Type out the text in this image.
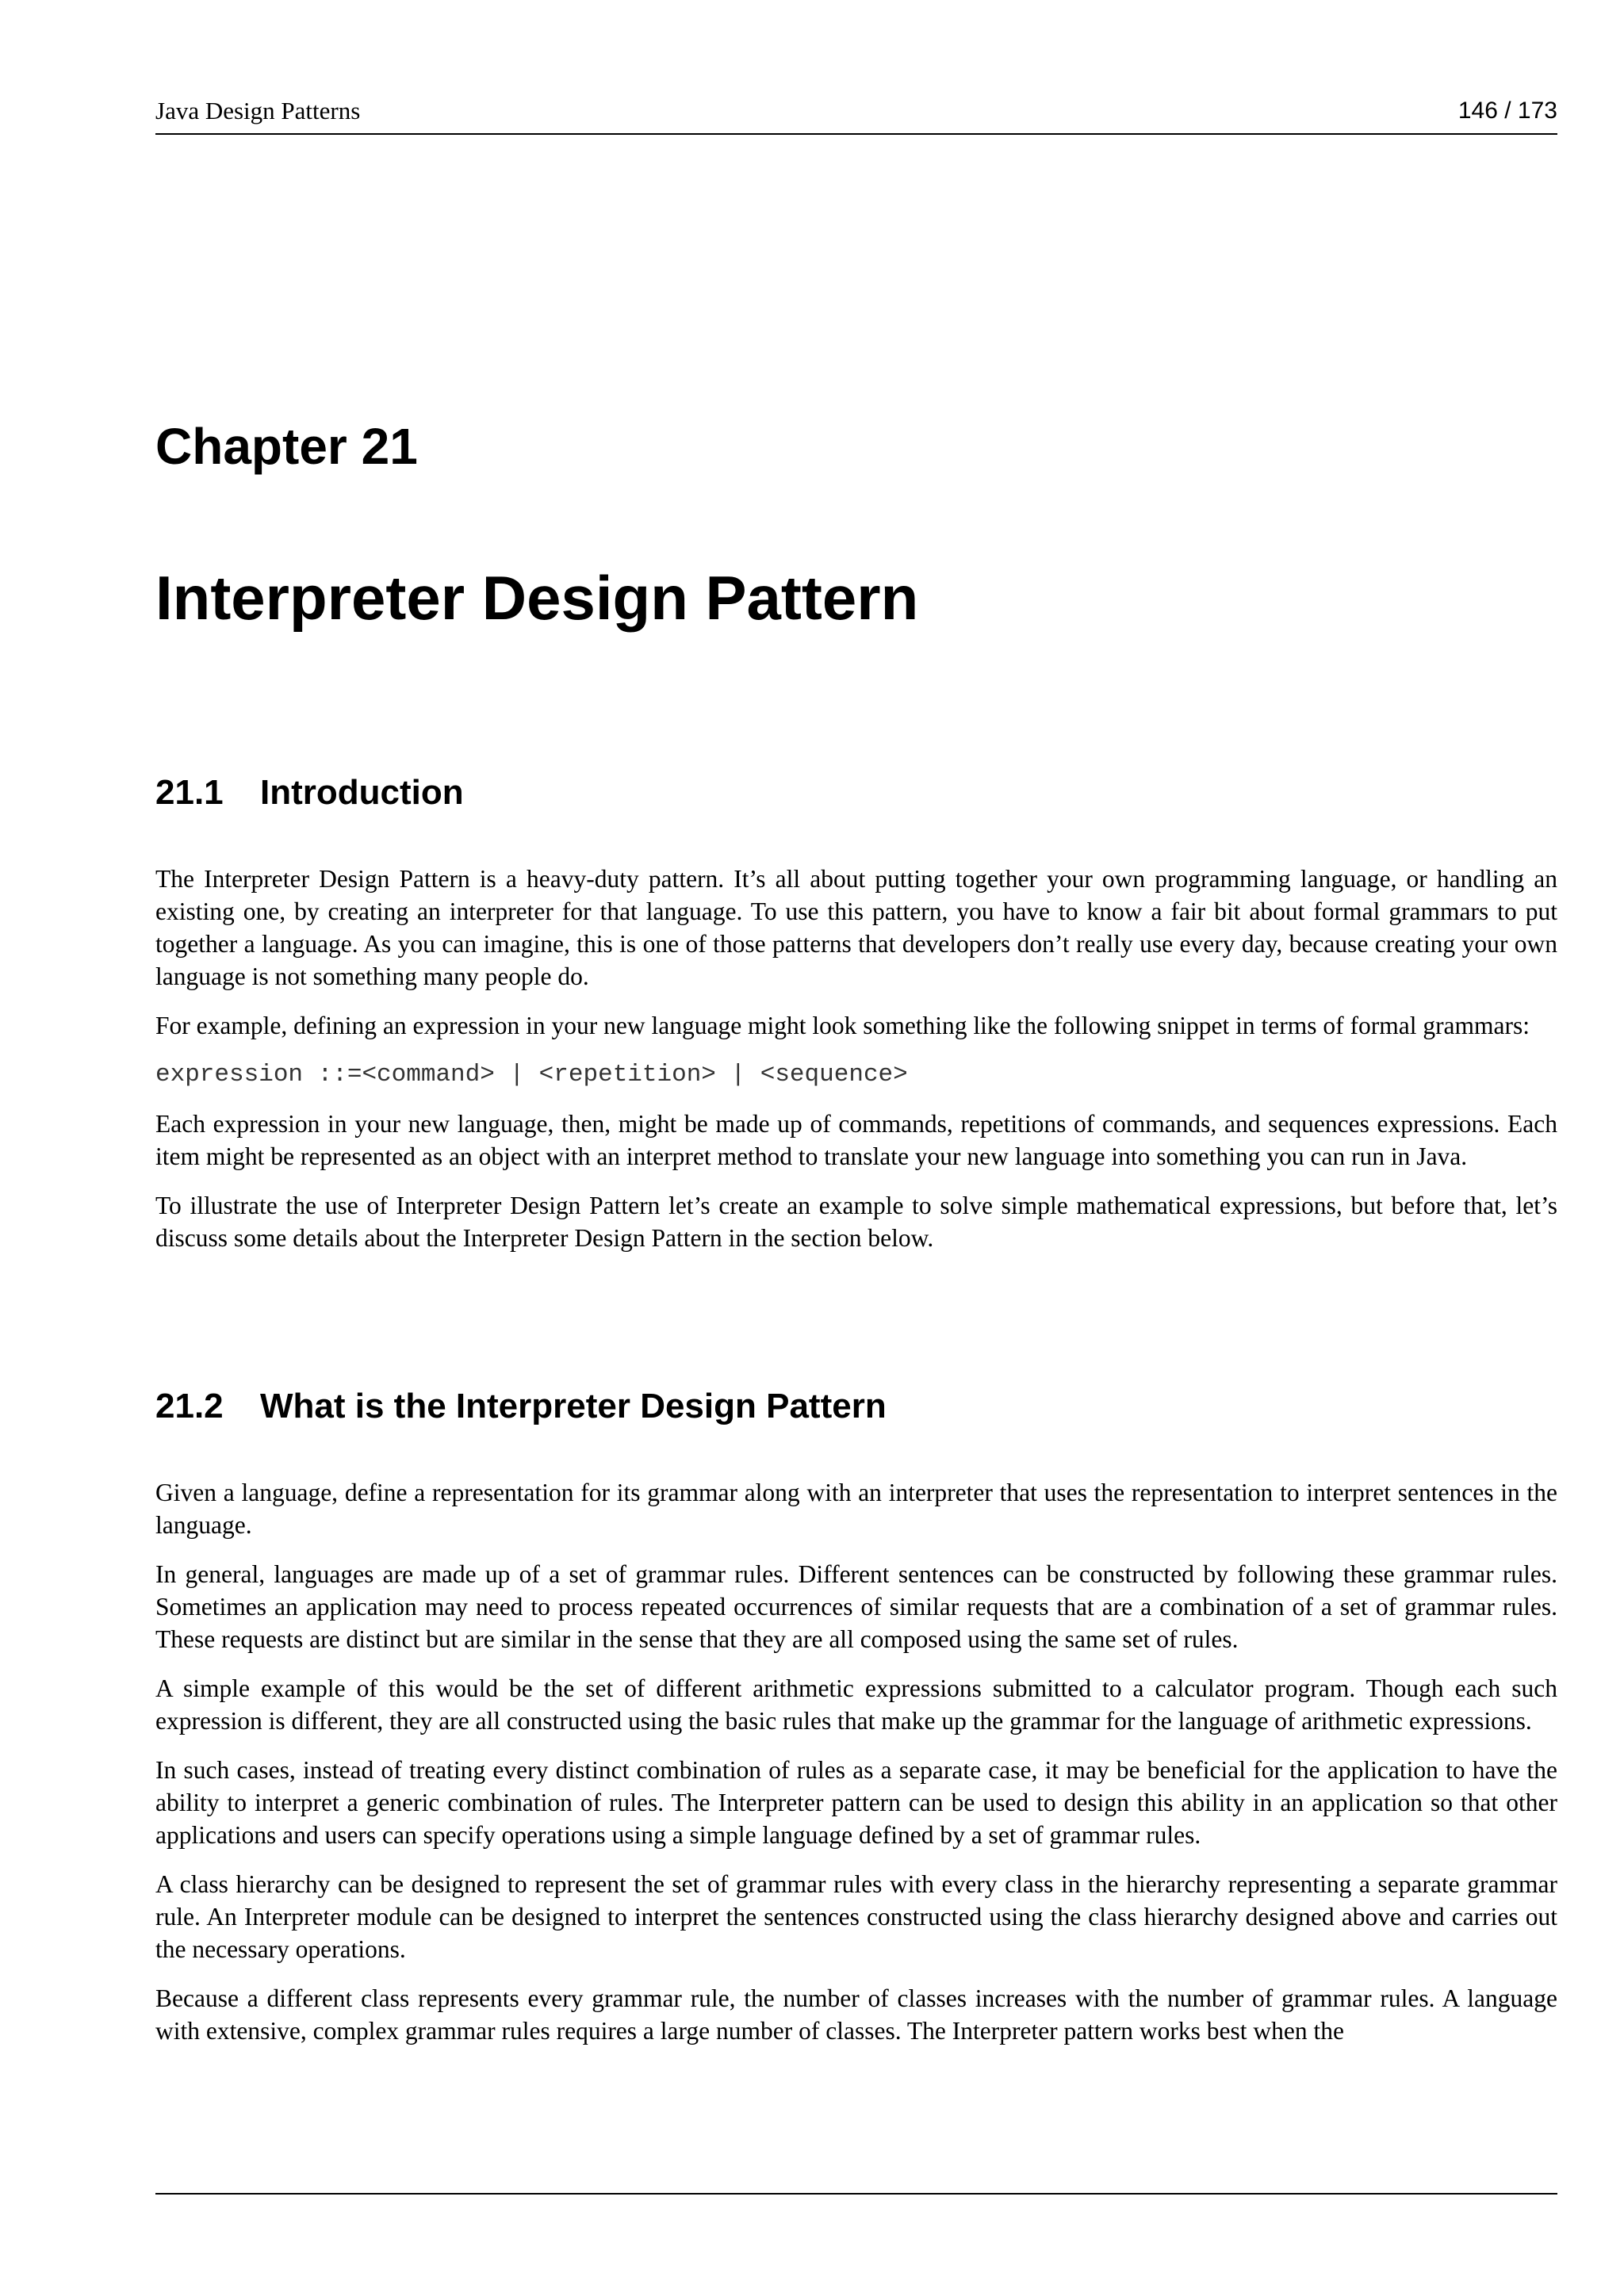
Java Design Patterns	146 / 173
Chapter 21
Interpreter Design Pattern
21.1	Introduction

The Interpreter Design Pattern is a heavy-duty pattern. It’s all about putting together your own programming language, or handling an existing one, by creating an interpreter for that language. To use this pattern, you have to know a fair bit about formal grammars to put together a language. As you can imagine, this is one of those patterns that developers don’t really use every day, because creating your own language is not something many people do.

For example, defining an expression in your new language might look something like the following snippet in terms of formal grammars:

expression ::=<command> | <repetition> | <sequence>

Each expression in your new language, then, might be made up of commands, repetitions of commands, and sequences expressions. Each item might be represented as an object with an interpret method to translate your new language into something you can run in Java.

To illustrate the use of Interpreter Design Pattern let’s create an example to solve simple mathematical expressions, but before that, let’s discuss some details about the Interpreter Design Pattern in the section below.

21.2	What is the Interpreter Design Pattern

Given a language, define a representation for its grammar along with an interpreter that uses the representation to interpret sentences in the language.

In general, languages are made up of a set of grammar rules. Different sentences can be constructed by following these grammar rules. Sometimes an application may need to process repeated occurrences of similar requests that are a combination of a set of grammar rules. These requests are distinct but are similar in the sense that they are all composed using the same set of rules.

A simple example of this would be the set of different arithmetic expressions submitted to a calculator program. Though each such expression is different, they are all constructed using the basic rules that make up the grammar for the language of arithmetic expressions.

In such cases, instead of treating every distinct combination of rules as a separate case, it may be beneficial for the application to have the ability to interpret a generic combination of rules. The Interpreter pattern can be used to design this ability in an application so that other applications and users can specify operations using a simple language defined by a set of grammar rules.

A class hierarchy can be designed to represent the set of grammar rules with every class in the hierarchy representing a separate grammar rule. An Interpreter module can be designed to interpret the sentences constructed using the class hierarchy designed above and carries out the necessary operations.

Because a different class represents every grammar rule, the number of classes increases with the number of grammar rules. A language with extensive, complex grammar rules requires a large number of classes. The Interpreter pattern works best when the
